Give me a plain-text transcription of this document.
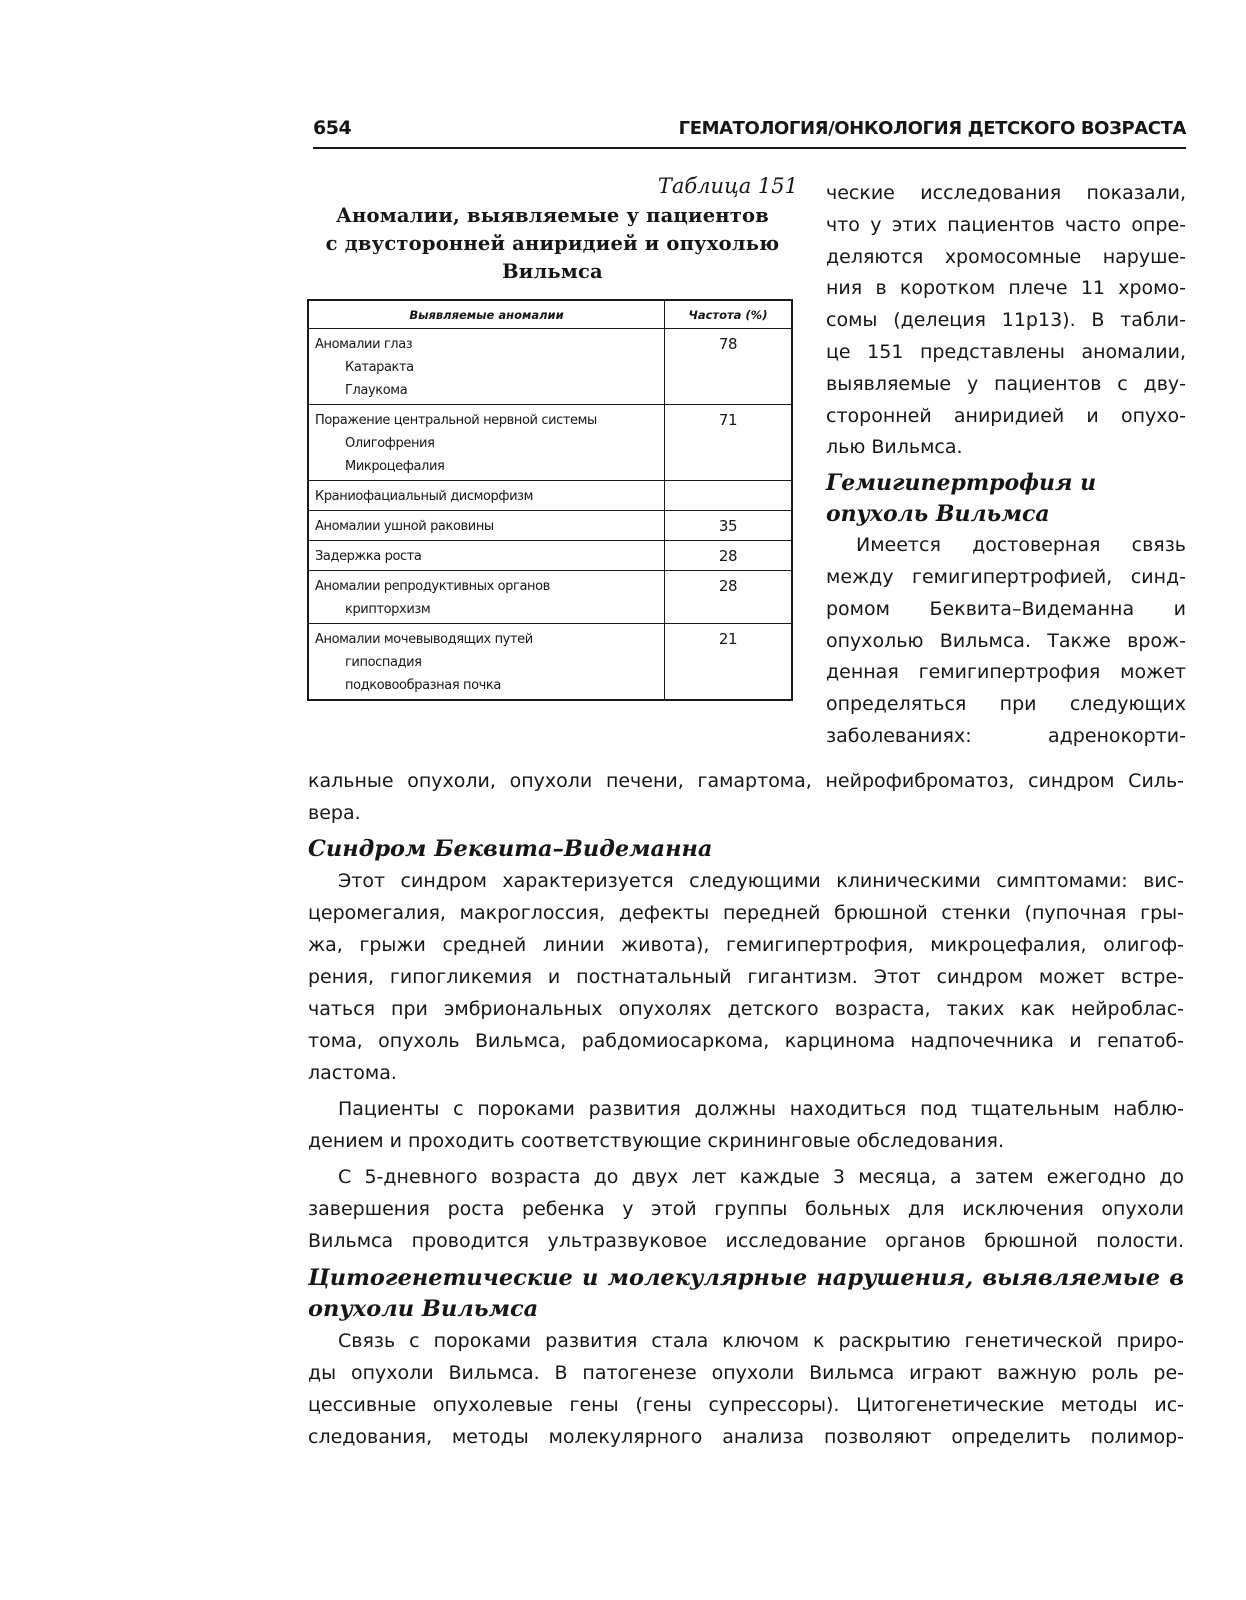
654	ГЕМАТОЛОГИЯ/ОНКОЛОГИЯ ДЕТСКОГО ВОЗРАСТА
Таблица 151
Аномалии, выявляемые у пациентов
с двусторонней аниридией и опухолью
Вильмса
Выявляемые аномалии	Частота (%)

Аномалии глаз
Катаракта
Глаукома	78

Поражение центральной нервной системы
Олигофрения
Микроцефалия	71

Краниофациальный дисморфизм	

Аномалии ушной раковины	35

Задержка роста	28

Аномалии репродуктивных органов
крипторхизм	28

Аномалии мочевыводящих путей
гипоспадия
подковообразная почка	21
ческие исследования показали,
что у этих пациентов часто опре-
деляются хромосомные наруше-
ния в коротком плече 11 хромо-
сомы (делеция 11p13). В табли-
це 151 представлены аномалии,
выявляемые у пациентов с дву-
сторонней аниридией и опухо-
лью Вильмса.
Гемигипертрофия и
опухоль Вильмса
Имеется достоверная связь
между гемигипертрофией, синд-
ромом Беквита–Видеманна и
опухолью Вильмса. Также врож-
денная гемигипертрофия может
определяться при следующих
заболеваниях: адренокорти-
кальные опухоли, опухоли печени, гамартома, нейрофиброматоз, синдром Силь-
вера.
Синдром Беквита–Видеманна
Этот синдром характеризуется следующими клиническими симптомами: вис-
церомегалия, макроглоссия, дефекты передней брюшной стенки (пупочная гры-
жа, грыжи средней линии живота), гемигипертрофия, микроцефалия, олигоф-
рения, гипогликемия и постнатальный гигантизм. Этот синдром может встре-
чаться при эмбриональных опухолях детского возраста, таких как нейроблас-
тома, опухоль Вильмса, рабдомиосаркома, карцинома надпочечника и гепатоб-
ластома.
Пациенты с пороками развития должны находиться под тщательным наблю-
дением и проходить соответствующие скрининговые обследования.
С 5-дневного возраста до двух лет каждые 3 месяца, а затем ежегодно до
завершения роста ребенка у этой группы больных для исключения опухоли
Вильмса проводится ультразвуковое исследование органов брюшной полости.
Цитогенетические и молекулярные нарушения, выявляемые в
опухоли Вильмса
Связь с пороками развития стала ключом к раскрытию генетической приро-
ды опухоли Вильмса. В патогенезе опухоли Вильмса играют важную роль ре-
цессивные опухолевые гены (гены супрессоры). Цитогенетические методы ис-
следования, методы молекулярного анализа позволяют определить полимор-
